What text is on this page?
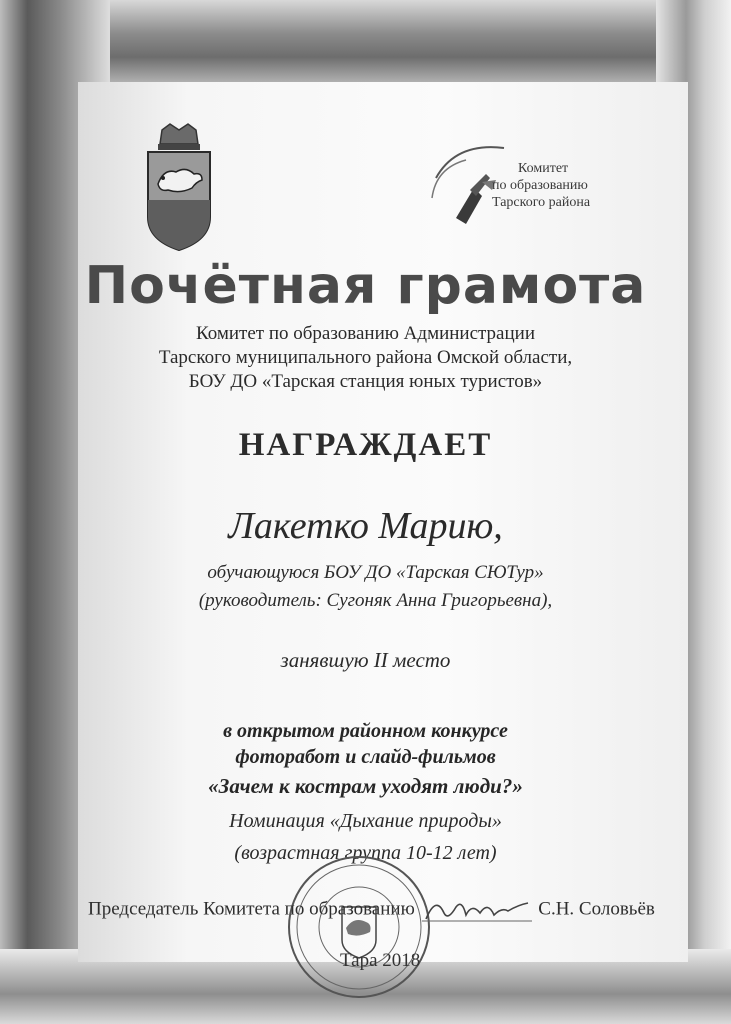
Комитет
по образованию
Тарского района
Почётная грамота
Комитет по образованию Администрации
Тарского муниципального района Омской области,
БОУ ДО «Тарская станция юных туристов»
НАГРАЖДАЕТ
Лакетко Марию,
обучающуюся БОУ ДО «Тарская СЮТур»
(руководитель: Сугоняк Анна Григорьевна),
занявшую II место
в открытом районном конкурсе
фоторабот и слайд-фильмов
«Зачем к кострам уходят люди?»
Номинация «Дыхание природы»
(возрастная группа 10-12 лет)
Председатель Комитета по образованию	С.Н. Соловьёв
Тара 2018
